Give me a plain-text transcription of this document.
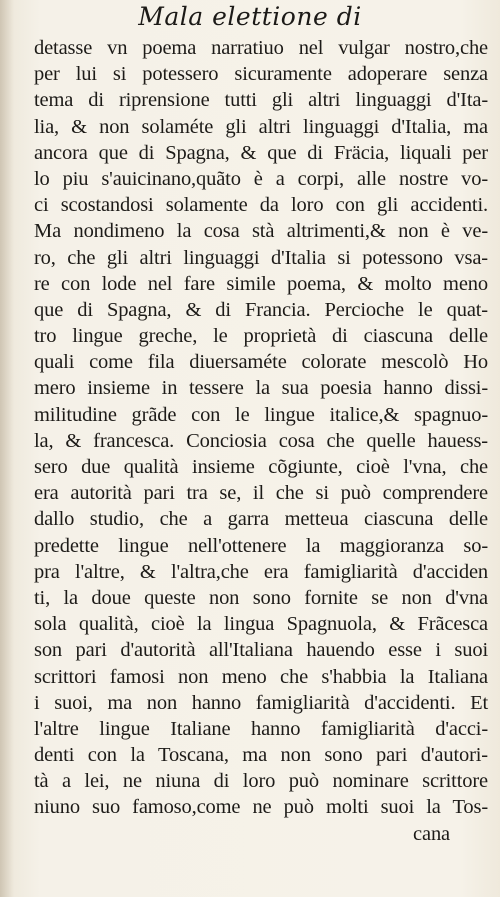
Mala elettione di
detasse vn poema narratiuo nel vulgar nostro,che
per lui si potessero sicuramente adoperare senza
tema di riprensione tutti gli altri linguaggi d'Ita-
lia, & non solaméte gli altri linguaggi d'Italia, ma
ancora que di Spagna, & que di Fräcia, liquali per
lo piu s'auicinano,quãto è a corpi, alle nostre vo-
ci scostandosi solamente da loro con gli accidenti.
Ma nondimeno la cosa stà altrimenti,& non è ve-
ro, che gli altri linguaggi d'Italia si potessono vsa-
re con lode nel fare simile poema, & molto meno
que di Spagna, & di Francia. Percioche le quat-
tro lingue greche, le proprietà di ciascuna delle
quali come fila diuersaméte colorate mescolò Ho
mero insieme in tessere la sua poesia hanno dissi-
militudine grãde con le lingue italice,& spagnuo-
la, & francesca. Conciosia cosa che quelle hauess-
sero due qualità insieme cõgiunte, cioè l'vna, che
era autorità pari tra se, il che si può comprendere
dallo studio, che a garra metteua ciascuna delle
predette lingue nell'ottenere la maggioranza so-
pra l'altre, & l'altra,che era famigliarità d'acciden
ti, la doue queste non sono fornite se non d'vna
sola qualità, cioè la lingua Spagnuola, & Frãcesca
son pari d'autorità all'Italiana hauendo esse i suoi
scrittori famosi non meno che s'habbia la Italiana
i suoi, ma non hanno famigliarità d'accidenti. Et
l'altre lingue Italiane hanno famigliarità d'acci-
denti con la Toscana, ma non sono pari d'autori-
tà a lei, ne niuna di loro può nominare scrittore
niuno suo famoso,come ne può molti suoi la Tos-
cana
